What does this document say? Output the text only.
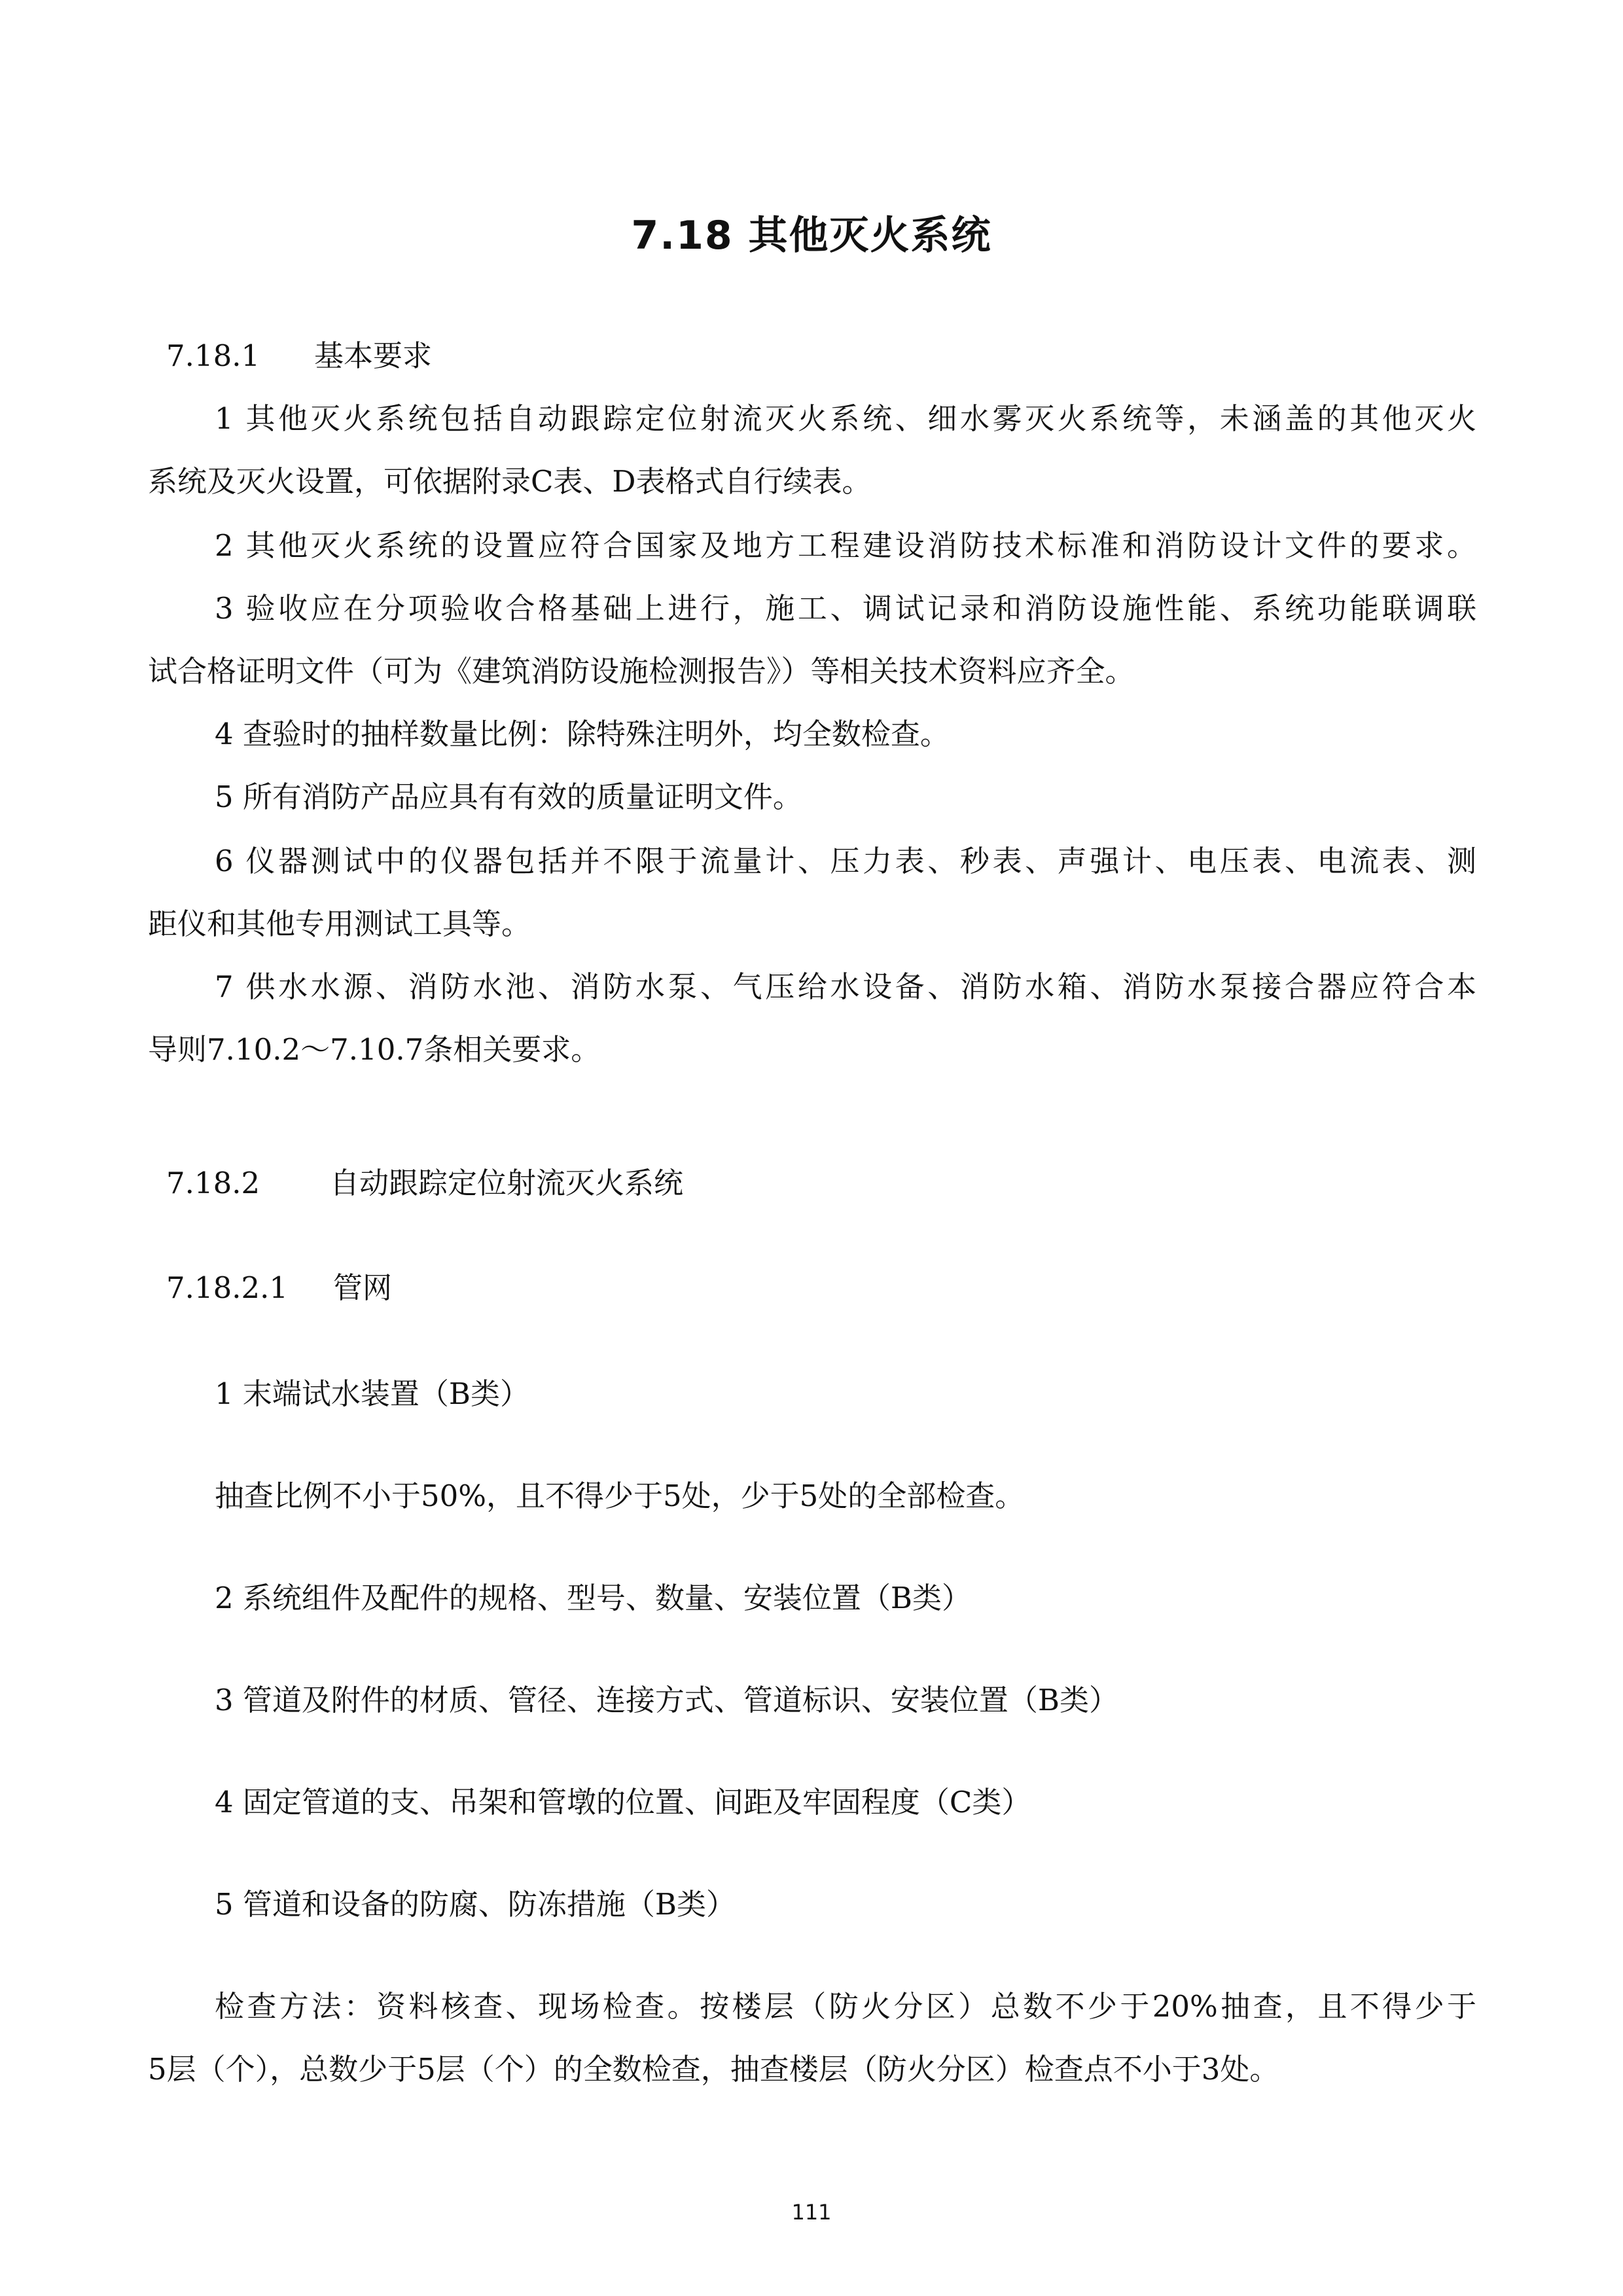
7.18 其他灭火系统
7.18.1 基本要求
1 其他灭火系统包括自动跟踪定位射流灭火系统、细水雾灭火系统等，未涵盖的其他灭火
系统及灭火设置，可依据附录C表、D表格式自行续表。
2 其他灭火系统的设置应符合国家及地方工程建设消防技术标准和消防设计文件的要求。
3 验收应在分项验收合格基础上进行，施工、调试记录和消防设施性能、系统功能联调联
试合格证明文件（可为《建筑消防设施检测报告》）等相关技术资料应齐全。
4 查验时的抽样数量比例：除特殊注明外，均全数检查。
5 所有消防产品应具有有效的质量证明文件。
6 仪器测试中的仪器包括并不限于流量计、压力表、秒表、声强计、电压表、电流表、测
距仪和其他专用测试工具等。
7 供水水源、消防水池、消防水泵、气压给水设备、消防水箱、消防水泵接合器应符合本
导则7.10.2～7.10.7条相关要求。
7.18.2 自动跟踪定位射流灭火系统
7.18.2.1 管网
1 末端试水装置（B类）
抽查比例不小于50%，且不得少于5处，少于5处的全部检查。
2 系统组件及配件的规格、型号、数量、安装位置（B类）
3 管道及附件的材质、管径、连接方式、管道标识、安装位置（B类）
4 固定管道的支、吊架和管墩的位置、间距及牢固程度（C类）
5 管道和设备的防腐、防冻措施（B类）
检查方法：资料核查、现场检查。按楼层（防火分区）总数不少于20%抽查，且不得少于
5层（个），总数少于5层（个）的全数检查，抽查楼层（防火分区）检查点不小于3处。
111
